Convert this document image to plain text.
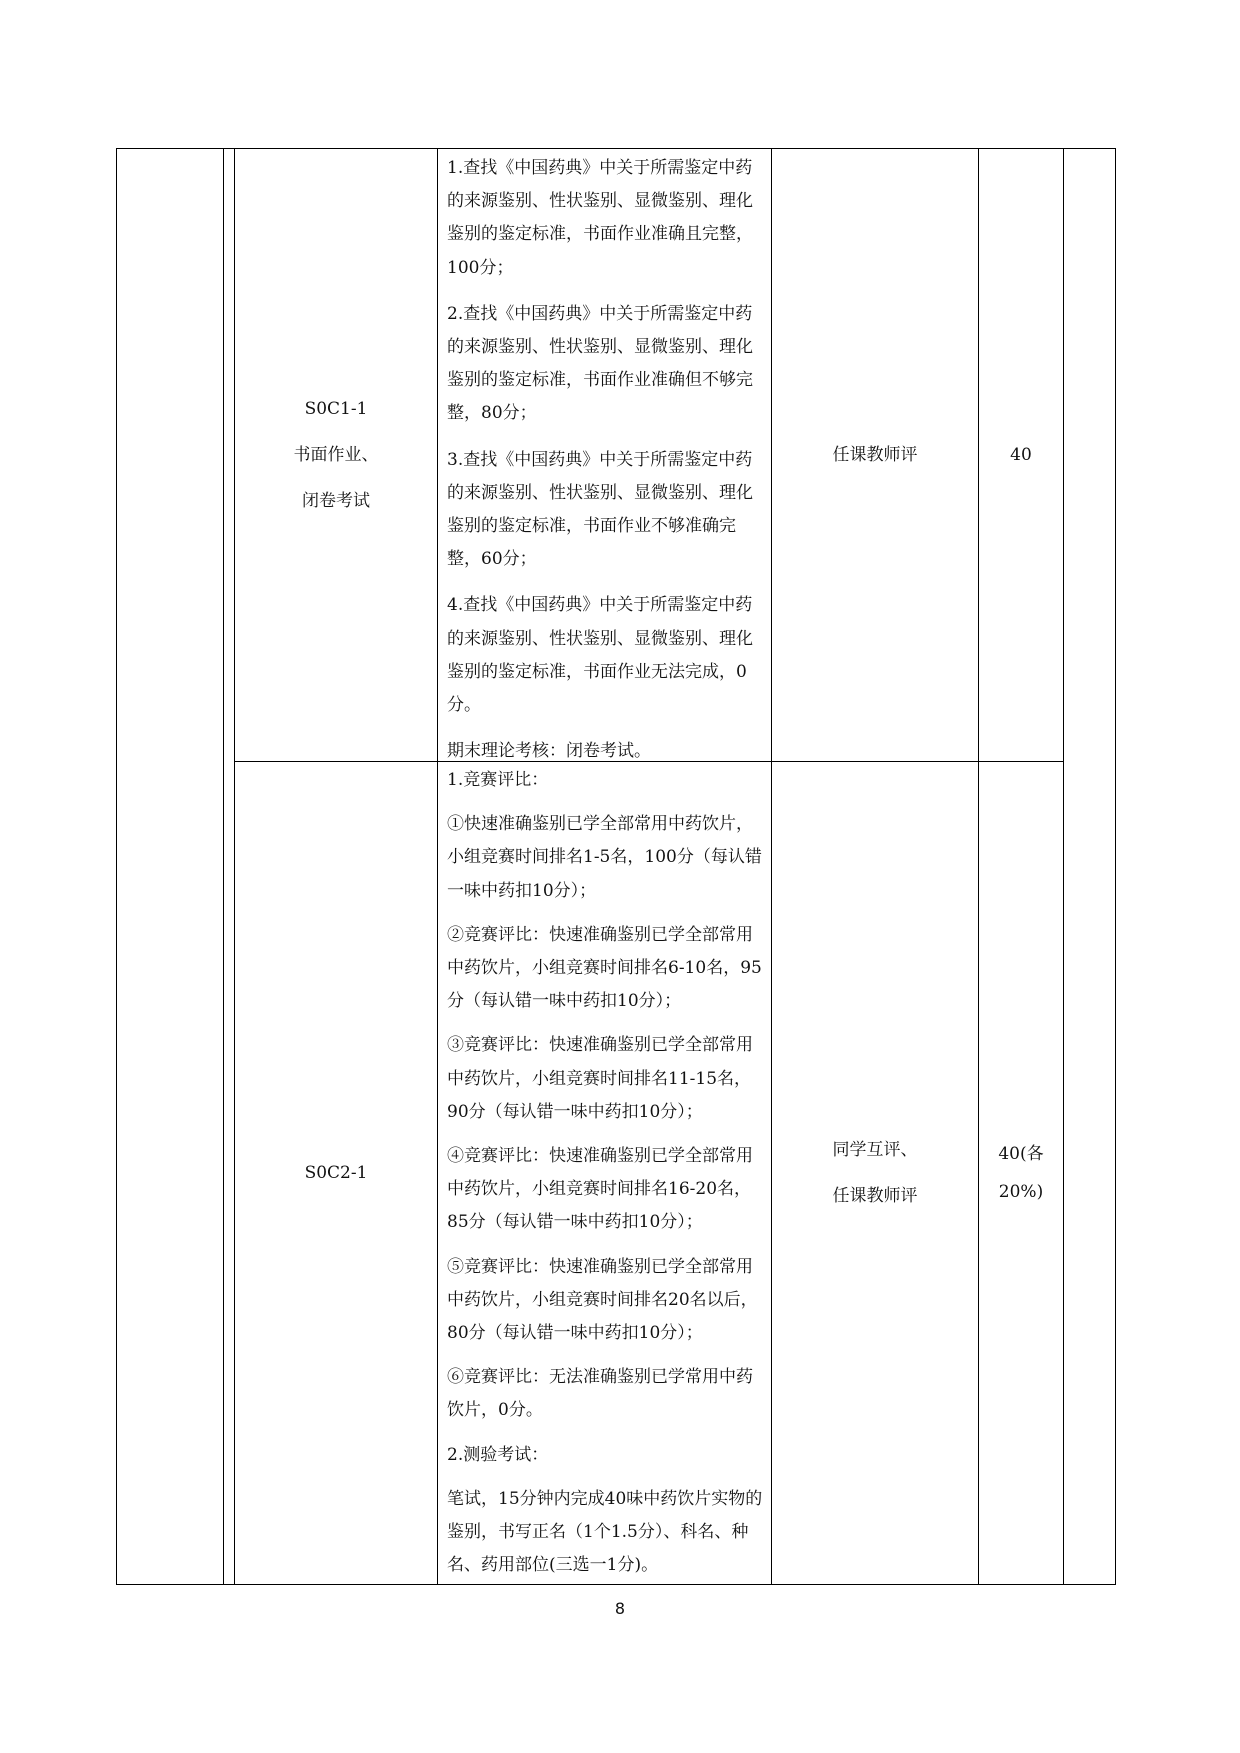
S0C1-1
书面作业、
闭卷考试

1.查找《中国药典》中关于所需鉴定中药的来源鉴别、性状鉴别、显微鉴别、理化鉴别的鉴定标准，书面作业准确且完整，100分；

2.查找《中国药典》中关于所需鉴定中药的来源鉴别、性状鉴别、显微鉴别、理化鉴别的鉴定标准，书面作业准确但不够完整，80分；

3.查找《中国药典》中关于所需鉴定中药的来源鉴别、性状鉴别、显微鉴别、理化鉴别的鉴定标准，书面作业不够准确完整，60分；

4.查找《中国药典》中关于所需鉴定中药的来源鉴别、性状鉴别、显微鉴别、理化鉴别的鉴定标准，书面作业无法完成，0分。

期末理论考核：闭卷考试。

任课教师评	40
S0C2-1

1.竞赛评比：

①快速准确鉴别已学全部常用中药饮片，小组竞赛时间排名1-5名，100分（每认错一味中药扣10分）；

②竞赛评比：快速准确鉴别已学全部常用中药饮片，小组竞赛时间排名6-10名，95分（每认错一味中药扣10分）；

③竞赛评比：快速准确鉴别已学全部常用中药饮片，小组竞赛时间排名11-15名，90分（每认错一味中药扣10分）；

④竞赛评比：快速准确鉴别已学全部常用中药饮片，小组竞赛时间排名16-20名，85分（每认错一味中药扣10分）；

⑤竞赛评比：快速准确鉴别已学全部常用中药饮片，小组竞赛时间排名20名以后，80分（每认错一味中药扣10分）；

⑥竞赛评比：无法准确鉴别已学常用中药饮片，0分。

2.测验考试：

笔试，15分钟内完成40味中药饮片实物的鉴别，书写正名（1个1.5分）、科名、种名、药用部位(三选一1分)。

同学互评、
任课教师评
40(各
20%)
8
